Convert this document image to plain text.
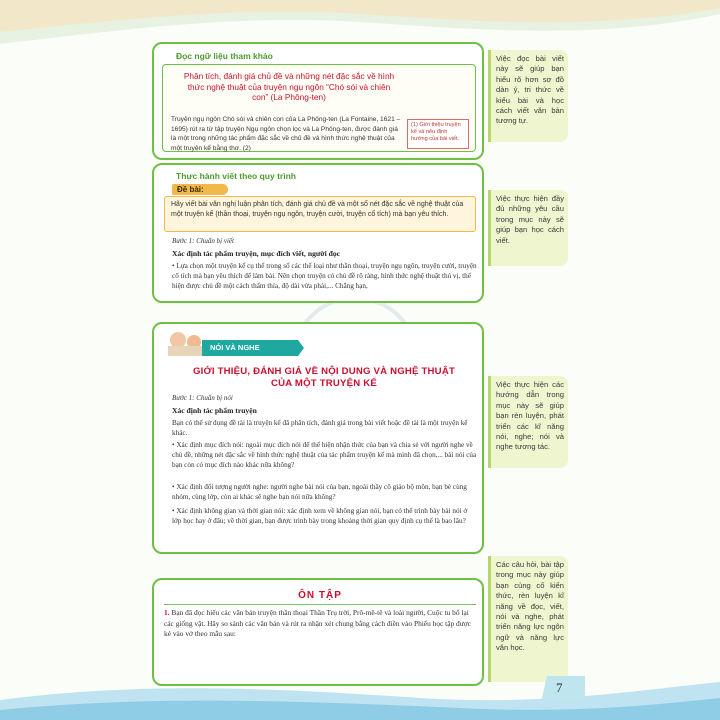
Đọc ngữ liệu tham khảo
Phân tích, đánh giá chủ đề và những nét đặc sắc về hình thức nghệ thuật của truyện ngụ ngôn “Chó sói và chiên con” (La Phông-ten)
Truyện ngụ ngôn Chó sói và chiên con của La Phông-ten (La Fontaine, 1621 – 1695) rút ra từ tập truyện Ngụ ngôn chọn lọc và La Phông-ten, được đánh giá là một trong những tác phẩm đặc sắc về chủ đề và hình thức nghệ thuật của một truyện kể bằng thơ. (2)
(1) Giới thiệu truyện kể và nêu định hướng của bài viết.
Thực hành viết theo quy trình
Đề bài:
Hãy viết bài văn nghị luận phân tích, đánh giá chủ đề và một số nét đặc sắc về nghệ thuật của một truyện kể (thần thoại, truyện ngụ ngôn, truyện cười, truyện cổ tích) mà bạn yêu thích.
Bước 1: Chuẩn bị viết
Xác định tác phẩm truyện, mục đích viết, người đọc
• Lựa chọn một truyện kể cụ thể trong số các thể loại như thần thoại, truyện ngụ ngôn, truyện cười, truyện cổ tích mà bạn yêu thích để làm bài. Nên chọn truyện có chủ đề rõ ràng, hình thức nghệ thuật thú vị, thể hiện được chủ đề một cách thấm thía, độ dài vừa phải,... Chẳng hạn,
NÓI VÀ NGHE
GIỚI THIỆU, ĐÁNH GIÁ VỀ NỘI DUNG VÀ NGHỆ THUẬT CỦA MỘT TRUYỆN KỂ
Bước 1: Chuẩn bị nói
Xác định tác phẩm truyện
Bạn có thể sử dụng đề tài là truyện kể đã phân tích, đánh giá trong bài viết hoặc đề tài là một truyện kể khác.
• Xác định mục đích nói: ngoài mục đích nói để thể hiện nhận thức của bạn và chia sẻ với người nghe về chủ đề, những nét đặc sắc về hình thức nghệ thuật của tác phẩm truyện kể mà mình đã chọn,... bài nói của bạn còn có mục đích nào khác nữa không?
• Xác định đối tượng người nghe: người nghe bài nói của bạn, ngoài thầy cô giáo bộ môn, bạn bè cùng nhóm, cùng lớp, còn ai khác sẽ nghe bạn nói nữa không?
• Xác định không gian và thời gian nói: xác định xem về không gian nói, bạn có thể trình bày bài nói ở lớp học hay ở đâu; về thời gian, bạn được trình bày trong khoảng thời gian quy định cụ thể là bao lâu?
ÔN TẬP
1. Bạn đã đọc hiểu các văn bản truyện thần thoại Thần Trụ trời, Prô-mê-tê và loài người, Cuộc tu bổ lại các giống vật. Hãy so sánh các văn bản và rút ra nhận xét chung bằng cách điền vào Phiếu học tập được kẻ vào vở theo mẫu sau:
Việc đọc bài viết này sẽ giúp bạn hiểu rõ hơn sơ đồ dàn ý, tri thức về kiểu bài và học cách viết văn bản tương tự.
Việc thực hiện đầy đủ những yêu cầu trong mục này sẽ giúp bạn học cách viết.
Việc thực hiện các hướng dẫn trong mục này sẽ giúp bạn rèn luyện, phát triển các kĩ năng nói, nghe; nói và nghe tương tác.
Các câu hỏi, bài tập trong mục này giúp bạn củng cố kiến thức, rèn luyện kĩ năng về đọc, viết, nói và nghe, phát triển năng lực ngôn ngữ và năng lực văn học.
7
